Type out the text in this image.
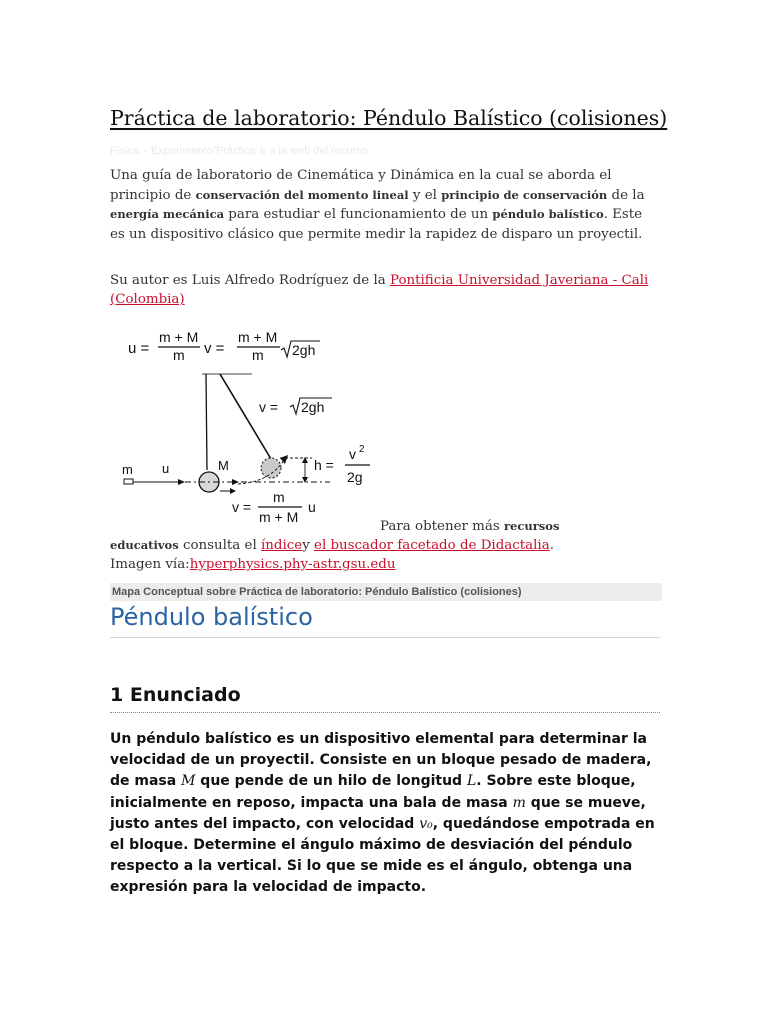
Práctica de laboratorio: Péndulo Balístico (colisiones)
Física - Experimento/Práctica Ir a la web del recurso
Una guía de laboratorio de Cinemática y Dinámica en la cual se aborda el principio de conservación del momento lineal y el principio de conservación de la energía mecánica para estudiar el funcionamiento de un péndulo balístico. Este es un dispositivo clásico que permite medir la rapidez de disparo un proyectil.
Su autor es Luis Alfredo Rodríguez de la Pontificia Universidad Javeriana - Cali (Colombia)
u =
m + M
m v =
m + M
m 2gh
v = 2gh
M
m u	h =
v 2
2g
v =
m
m + M
u
Para obtener más recursos
educativos consulta el índicey el buscador facetado de Didactalia.
Imagen vía:hyperphysics.phy-astr.gsu.edu
Mapa Conceptual sobre Práctica de laboratorio: Péndulo Balístico (colisiones)
Péndulo balístico
1 Enunciado
Un péndulo balístico es un dispositivo elemental para determinar la velocidad de un proyectil. Consiste en un bloque pesado de madera, de masa M que pende de un hilo de longitud L. Sobre este bloque, inicialmente en reposo, impacta una bala de masa m que se mueve, justo antes del impacto, con velocidad v₀, quedándose empotrada en el bloque. Determine el ángulo máximo de desviación del péndulo respecto a la vertical. Si lo que se mide es el ángulo, obtenga una expresión para la velocidad de impacto.
